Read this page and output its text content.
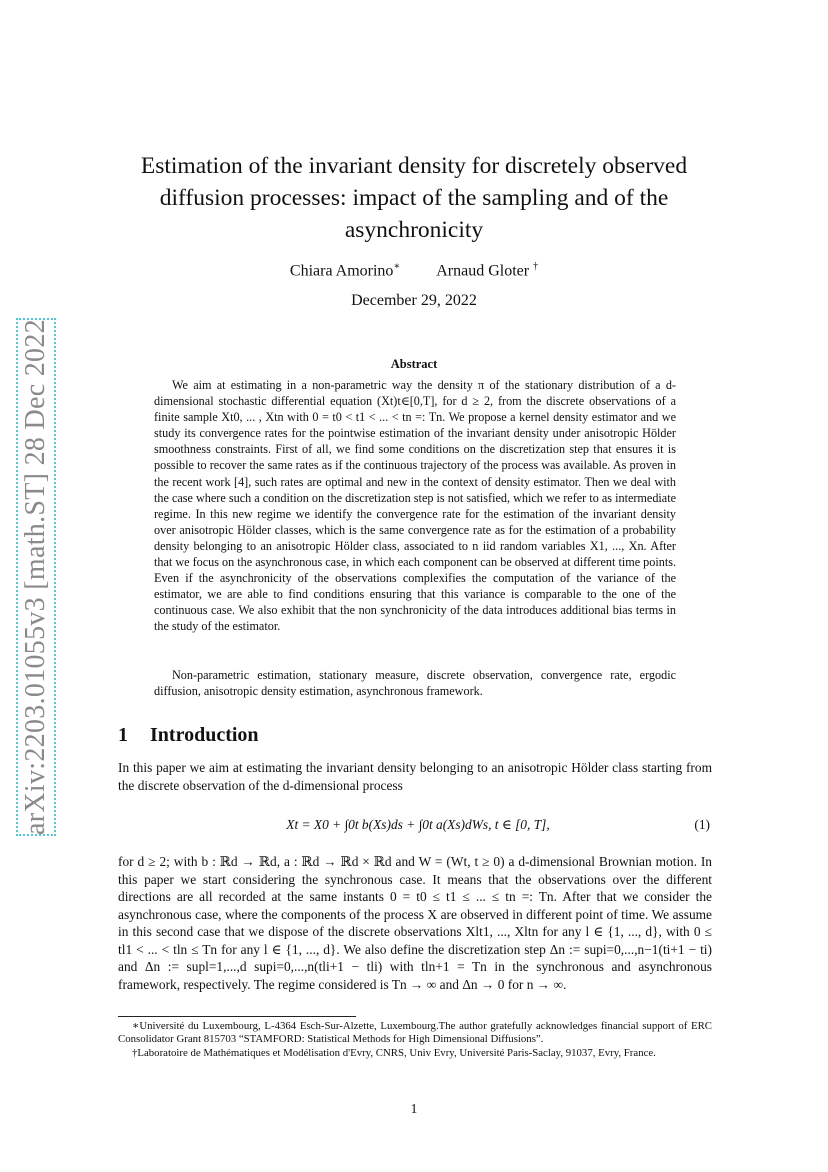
arXiv:2203.01055v3 [math.ST] 28 Dec 2022
Estimation of the invariant density for discretely observed diffusion processes: impact of the sampling and of the asynchronicity
Chiara Amorino∗ Arnaud Gloter †
December 29, 2022
Abstract
We aim at estimating in a non-parametric way the density π of the stationary distribution of a d-dimensional stochastic differential equation (Xt)t∈[0,T], for d ≥ 2, from the discrete observations of a finite sample Xt0, ... , Xtn with 0 = t0 < t1 < ... < tn =: Tn. We propose a kernel density estimator and we study its convergence rates for the pointwise estimation of the invariant density under anisotropic Hölder smoothness constraints. First of all, we find some conditions on the discretization step that ensures it is possible to recover the same rates as if the continuous trajectory of the process was available. As proven in the recent work [4], such rates are optimal and new in the context of density estimator. Then we deal with the case where such a condition on the discretization step is not satisfied, which we refer to as intermediate regime. In this new regime we identify the convergence rate for the estimation of the invariant density over anisotropic Hölder classes, which is the same convergence rate as for the estimation of a probability density belonging to an anisotropic Hölder class, associated to n iid random variables X1, ..., Xn. After that we focus on the asynchronous case, in which each component can be observed at different time points. Even if the asynchronicity of the observations complexifies the computation of the variance of the estimator, we are able to find conditions ensuring that this variance is comparable to the one of the continuous case. We also exhibit that the non synchronicity of the data introduces additional bias terms in the study of the estimator.
Non-parametric estimation, stationary measure, discrete observation, convergence rate, ergodic diffusion, anisotropic density estimation, asynchronous framework.
1 Introduction
In this paper we aim at estimating the invariant density belonging to an anisotropic Hölder class starting from the discrete observation of the d-dimensional process
Xt = X0 + ∫0t b(Xs)ds + ∫0t a(Xs)dWs, t ∈ [0, T],	(1)
for d ≥ 2; with b : ℝd → ℝd, a : ℝd → ℝd × ℝd and W = (Wt, t ≥ 0) a d-dimensional Brownian motion. In this paper we start considering the synchronous case. It means that the observations over the different directions are all recorded at the same instants 0 = t0 ≤ t1 ≤ ... ≤ tn =: Tn. After that we consider the asynchronous case, where the components of the process X are observed in different point of time. We assume in this second case that we dispose of the discrete observations Xlt1, ..., Xltn for any l ∈ {1, ..., d}, with 0 ≤ tl1 < ... < tln ≤ Tn for any l ∈ {1, ..., d}. We also define the discretization step Δn := supi=0,...,n−1(ti+1 − ti) and Δn := supl=1,...,d supi=0,...,n(tli+1 − tli) with tln+1 = Tn in the synchronous and asynchronous framework, respectively. The regime considered is Tn → ∞ and Δn → 0 for n → ∞.

∗Université du Luxembourg, L-4364 Esch-Sur-Alzette, Luxembourg.The author gratefully acknowledges financial support of ERC Consolidator Grant 815703 “STAMFORD: Statistical Methods for High Dimensional Diffusions”.

†Laboratoire de Mathématiques et Modélisation d'Evry, CNRS, Univ Evry, Université Paris-Saclay, 91037, Evry, France.

1
